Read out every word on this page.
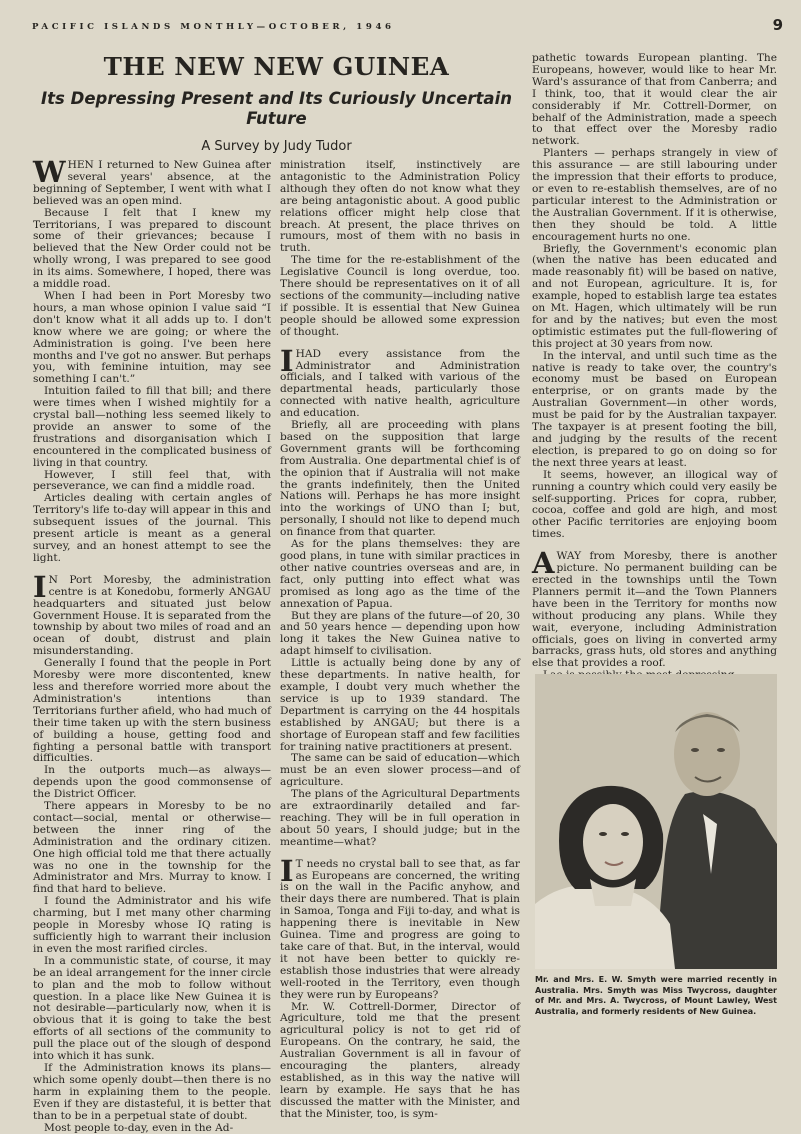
PACIFIC ISLANDS MONTHLY—OCTOBER, 1946	9
THE NEW NEW GUINEA
Its Depressing Present and Its Curiously Uncertain Future
A Survey by Judy Tudor

WHEN I returned to New Guinea after several years' absence, at the beginning of September, I went with what I believed was an open mind.

Because I felt that I knew my Territorians, I was prepared to discount some of their grievances; because I believed that the New Order could not be wholly wrong, I was prepared to see good in its aims. Somewhere, I hoped, there was a middle road.

When I had been in Port Moresby two hours, a man whose opinion I value said “I don't know what it all adds up to. I don't know where we are going; or where the Administration is going. I've been here months and I've got no answer. But perhaps you, with feminine intuition, may see something I can't.”

Intuition failed to fill that bill; and there were times when I wished mightily for a crystal ball—nothing less seemed likely to provide an answer to some of the frustrations and disorganisation which I encountered in the complicated business of living in that country.

However, I still feel that, with perseverance, we can find a middle road.

Articles dealing with certain angles of Territory's life to-day will appear in this and subsequent issues of the journal. This present article is meant as a general survey, and an honest attempt to see the light.

I N Port Moresby, the administration centre is at Konedobu, formerly ANGAU headquarters and situated just below Government House. It is separated from the township by about two miles of road and an ocean of doubt, distrust and plain misunderstanding.

Generally I found that the people in Port Moresby were more discontented, knew less and therefore worried more about the Administration's intentions than Territorians further afield, who had much of their time taken up with the stern business of building a house, getting food and fighting a personal battle with transport difficulties.

In the outports much—as always—depends upon the good commonsense of the District Officer.

There appears in Moresby to be no contact—social, mental or otherwise—between the inner ring of the Administration and the ordinary citizen. One high official told me that there actually was no one in the township for the Administrator and Mrs. Murray to know. I find that hard to believe.

I found the Administrator and his wife charming, but I met many other charming people in Moresby whose IQ rating is sufficiently high to warrant their inclusion in even the most rarified circles.

In a communistic state, of course, it may be an ideal arrangement for the inner circle to plan and the mob to follow without question. In a place like New Guinea it is not desirable—particularly now, when it is obvious that it is going to take the best efforts of all sections of the community to pull the place out of the slough of despond into which it has sunk.

If the Administration knows its plans—which some openly doubt—then there is no harm in explaining them to the people. Even if they are distasteful, it is better that than to be in a perpetual state of doubt.

Most people to-day, even in the Ad-

ministration itself, instinctively are antagonistic to the Administration Policy although they often do not know what they are being antagonistic about. A good public relations officer might help close that breach. At present, the place thrives on rumours, most of them with no basis in truth.

The time for the re-establishment of the Legislative Council is long overdue, too. There should be representatives on it of all sections of the community—including native if possible. It is essential that New Guinea people should be allowed some expression of thought.

I HAD every assistance from the Administrator and Administration officials, and I talked with various of the departmental heads, particularly those connected with native health, agriculture and education.

Briefly, all are proceeding with plans based on the supposition that large Government grants will be forthcoming from Australia. One departmental chief is of the opinion that if Australia will not make the grants indefinitely, then the United Nations will. Perhaps he has more insight into the workings of UNO than I; but, personally, I should not like to depend much on finance from that quarter.

As for the plans themselves: they are good plans, in tune with similar practices in other native countries overseas and are, in fact, only putting into effect what was promised as long ago as the time of the annexation of Papua.

But they are plans of the future—of 20, 30 and 50 years hence — depending upon how long it takes the New Guinea native to adapt himself to civilisation.

Little is actually being done by any of these departments. In native health, for example, I doubt very much whether the service is up to 1939 standard. The Department is carrying on the 44 hospitals established by ANGAU; but there is a shortage of European staff and few facilities for training native practitioners at present.

The same can be said of education—which must be an even slower process—and of agriculture.

The plans of the Agricultural Departments are extraordinarily detailed and far-reaching. They will be in full operation in about 50 years, I should judge; but in the meantime—what?

I T needs no crystal ball to see that, as far as Europeans are concerned, the writing is on the wall in the Pacific anyhow, and their days there are numbered. That is plain in Samoa, Tonga and Fiji to-day, and what is happening there is inevitable in New Guinea. Time and progress are going to take care of that. But, in the interval, would it not have been better to quickly re-establish those industries that were already well-rooted in the Territory, even though they were run by Europeans?

Mr. W. Cottrell-Dormer, Director of Agriculture, told me that the present agricultural policy is not to get rid of Europeans. On the contrary, he said, the Australian Government is all in favour of encouraging the planters, already established, as in this way the native will learn by example. He says that he has discussed the matter with the Minister, and that the Minister, too, is sym-

pathetic towards European planting. The Europeans, however, would like to hear Mr. Ward's assurance of that from Canberra; and I think, too, that it would clear the air considerably if Mr. Cottrell-Dormer, on behalf of the Administration, made a speech to that effect over the Moresby radio network.

Planters — perhaps strangely in view of this assurance — are still labouring under the impression that their efforts to produce, or even to re-establish themselves, are of no particular interest to the Administration or the Australian Government. If it is otherwise, then they should be told. A little encouragement hurts no one.

Briefly, the Government's economic plan (when the native has been educated and made reasonably fit) will be based on native, and not European, agriculture. It is, for example, hoped to establish large tea estates on Mt. Hagen, which ultimately will be run for and by the natives; but even the most optimistic estimates put the full-flowering of this project at 30 years from now.

In the interval, and until such time as the native is ready to take over, the country's economy must be based on European enterprise, or on grants made by the Australian Government—in other words, must be paid for by the Australian taxpayer. The taxpayer is at present footing the bill, and judging by the results of the recent election, is prepared to go on doing so for the next three years at least.

It seems, however, an illogical way of running a country which could very easily be self-supporting. Prices for copra, rubber, cocoa, coffee and gold are high, and most other Pacific territories are enjoying boom times.

AWAY from Moresby, there is another picture. No permanent building can be erected in the townships until the Town Planners permit it—and the Town Planners have been in the Territory for months now without producing any plans. While they wait, everyone, including Administration officials, goes on living in converted army barracks, grass huts, old stores and anything else that provides a roof.

Mr. and Mrs. E. W. Smyth were married recently in Australia. Mrs. Smyth was Miss Twycross, daughter of Mr. and Mrs. A. Twycross, of Mount Lawley, West Australia, and formerly residents of New Guinea.
